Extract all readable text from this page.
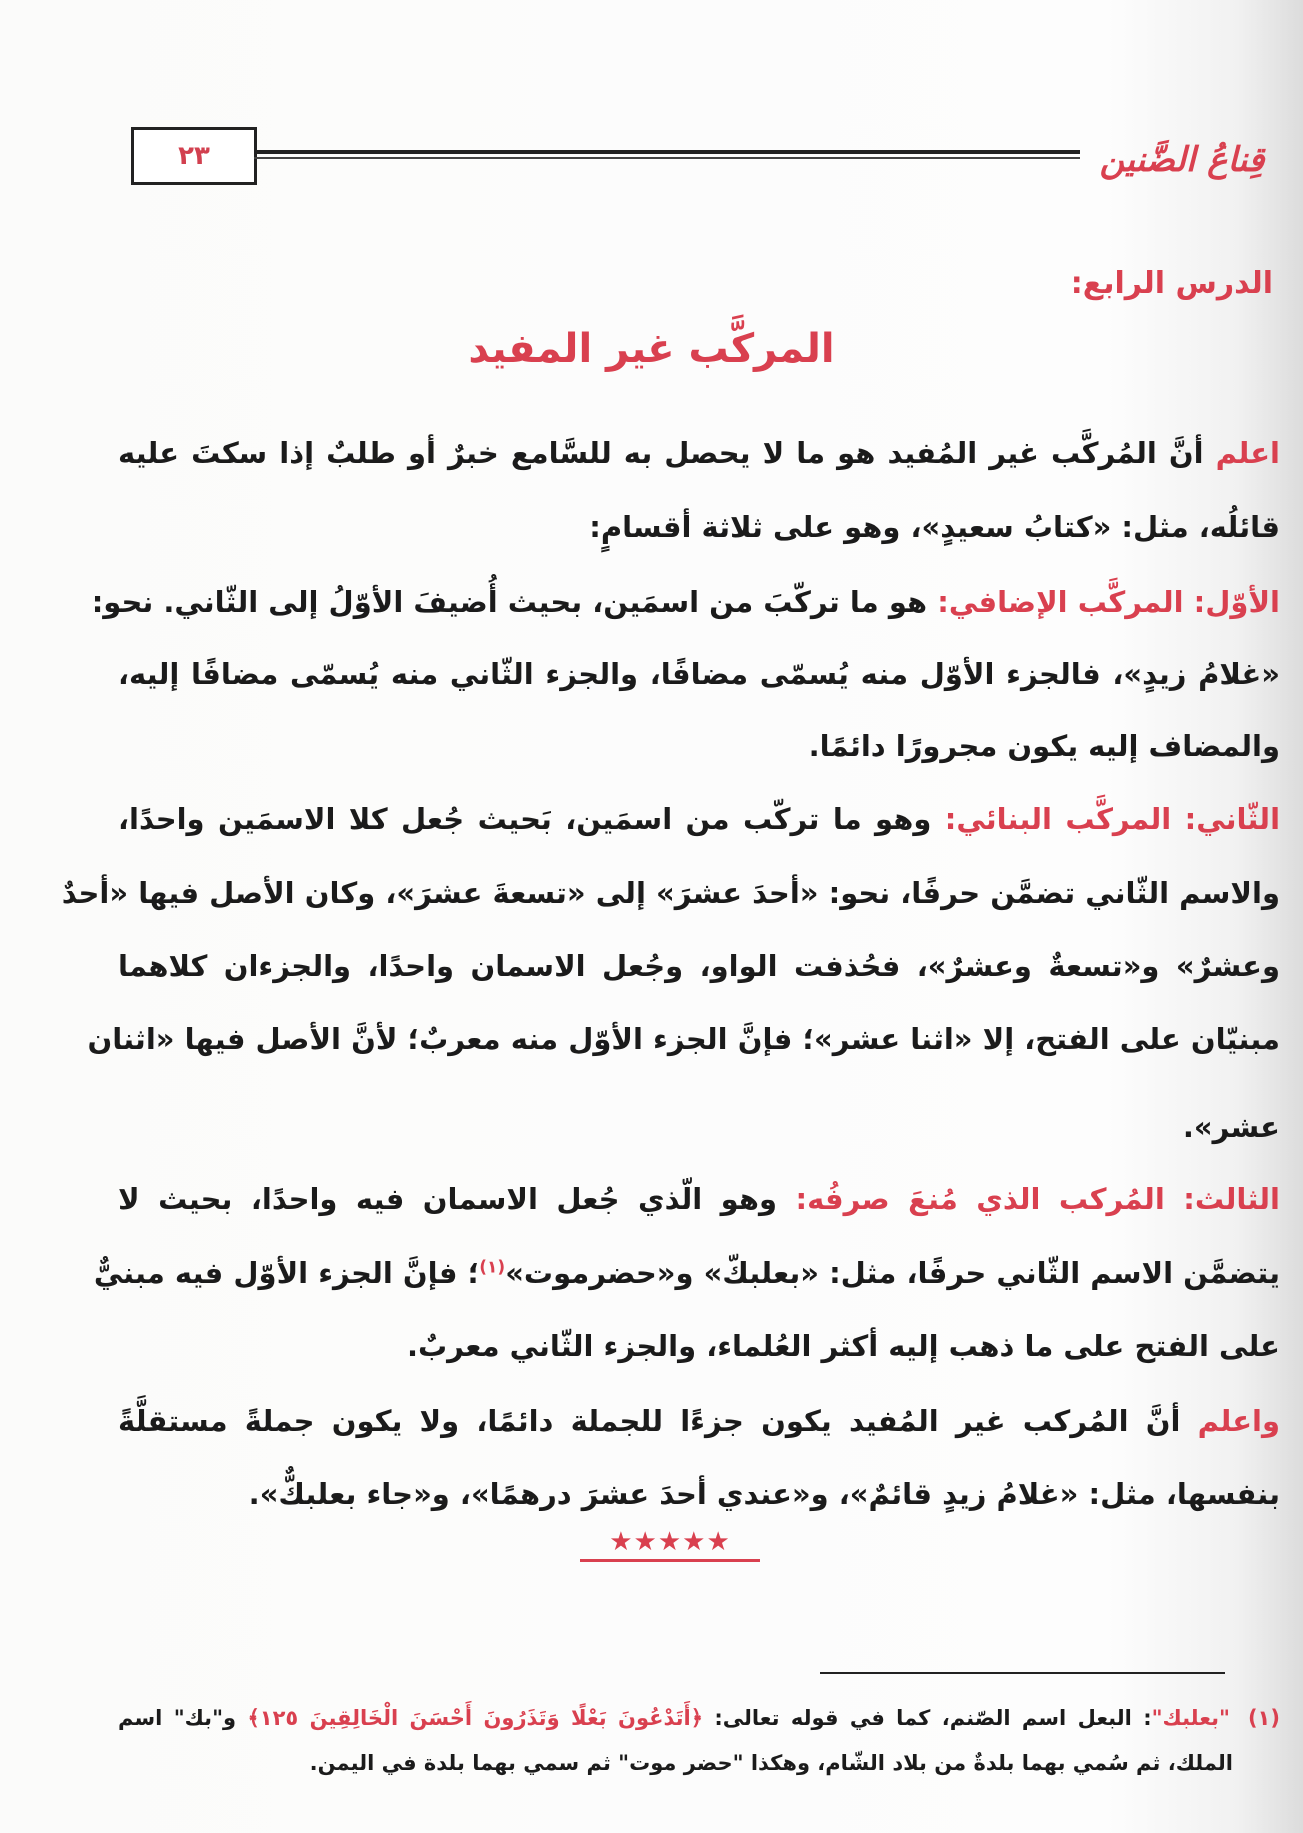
٢٣	قِناعُ الضَّنين
الدرس الرابع:
المركَّب غير المفيد
اعلم أنَّ المُركَّب غير المُفيد هو ما لا يحصل به للسَّامع خبرٌ أو طلبٌ إذا سكتَ عليه
قائلُه، مثل: «كتابُ سعيدٍ»، وهو على ثلاثة أقسامٍ:
الأوّل: المركَّب الإضافي: هو ما تركّبَ من اسمَين، بحيث أُضيفَ الأوّلُ إلى الثّاني. نحو:
«غلامُ زيدٍ»، فالجزء الأوّل منه يُسمّى مضافًا، والجزء الثّاني منه يُسمّى مضافًا إليه،
والمضاف إليه يكون مجرورًا دائمًا.
الثّاني: المركَّب البنائي: وهو ما تركّب من اسمَين، بَحيث جُعل كلا الاسمَين واحدًا،
والاسم الثّاني تضمَّن حرفًا، نحو: «أحدَ عشرَ» إلى «تسعةَ عشرَ»، وكان الأصل فيها «أحدٌ
وعشرٌ» و«تسعةٌ وعشرٌ»، فحُذفت الواو، وجُعل الاسمان واحدًا، والجزءان كلاهما
مبنيّان على الفتح، إلا «اثنا عشر»؛ فإنَّ الجزء الأوّل منه معربٌ؛ لأنَّ الأصل فيها «اثنان
عشر».
الثالث: المُركب الذي مُنعَ صرفُه: وهو الّذي جُعل الاسمان فيه واحدًا، بحيث لا
يتضمَّن الاسم الثّاني حرفًا، مثل: «بعلبكّ» و«حضرموت»$^{(١)}$؛ فإنَّ الجزء الأوّل فيه مبنيٌّ
على الفتح على ما ذهب إليه أكثر العُلماء، والجزء الثّاني معربٌ.
واعلم أنَّ المُركب غير المُفيد يكون جزءًا للجملة دائمًا، ولا يكون جملةً مستقلَّةً
بنفسها، مثل: «غلامُ زيدٍ قائمٌ»، و«عندي أحدَ عشرَ درهمًا»، و«جاء بعلبكٌّ».
★★★★★
(١)"بعلبك": البعل اسم الصّنم، كما في قوله تعالى: ﴿أَتَدْعُونَ بَعْلًا وَتَذَرُونَ أَحْسَنَ الْخَالِقِينَ ١٢٥﴾ و"بك" اسم
الملك، ثم سُمي بهما بلدةٌ من بلاد الشّام، وهكذا "حضر موت" ثم سمي بهما بلدة في اليمن.
